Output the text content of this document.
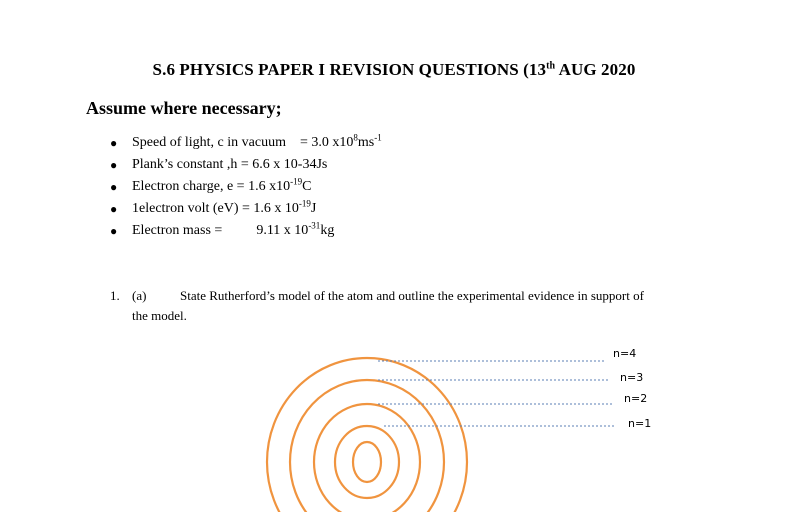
S.6 PHYSICS PAPER I REVISION QUESTIONS (13th AUG 2020
Assume where necessary;
● Speed of light, c in vacuum = 3.0 $x10^8ms^{-1}$
● Plank’s constant ,h = 6.6 x 10-34Js
● Electron charge, e = 1.6 $x10^{-19}C$
● 1electron volt (eV) = 1.6 x $10^{-19}J$
● Electron mass = 9.11 x $10^{-31}kg$
1. (a)	State Rutherford’s model of the atom and outline the experimental evidence in support of
the model.
n=4
n=3
n=2
n=1
